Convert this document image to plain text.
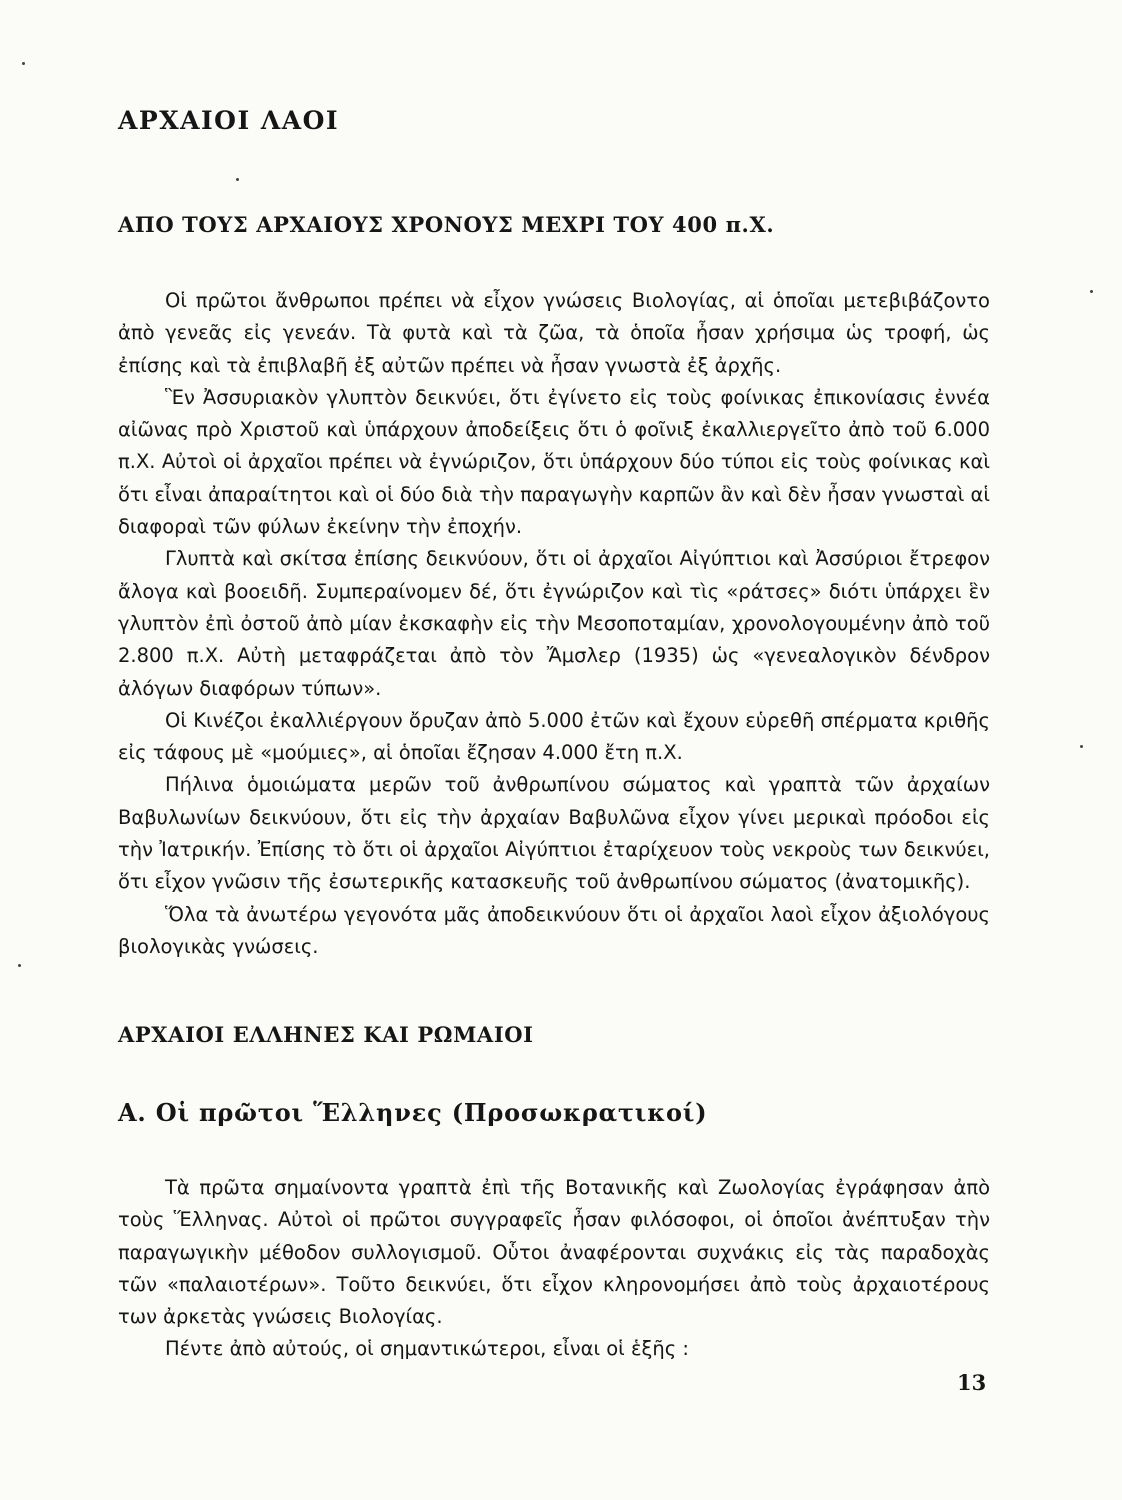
ΑΡΧΑΙΟΙ ΛΑΟΙ
ΑΠΟ ΤΟΥΣ ΑΡΧΑΙΟΥΣ ΧΡΟΝΟΥΣ ΜΕΧΡΙ ΤΟΥ 400 π.Χ.

Οἱ πρῶτοι ἄνθρωποι πρέπει νὰ εἶχον γνώσεις Βιολογίας, αἱ ὁποῖαι μετεβιβάζοντο ἀπὸ γενεᾶς εἰς γενεάν. Τὰ φυτὰ καὶ τὰ ζῶα, τὰ ὁποῖα ἦσαν χρήσιμα ὡς τροφή, ὡς ἐπίσης καὶ τὰ ἐπιβλαβῆ ἐξ αὐτῶν πρέπει νὰ ἦσαν γνωστὰ ἐξ ἀρχῆς.

Ἓν Ἀσσυριακὸν γλυπτὸν δεικνύει, ὅτι ἐγίνετο εἰς τοὺς φοίνικας ἐπικονίασις ἐννέα αἰῶνας πρὸ Χριστοῦ καὶ ὑπάρχουν ἀποδείξεις ὅτι ὁ φοῖνιξ ἐκαλλιεργεῖτο ἀπὸ τοῦ 6.000 π.Χ. Αὐτοὶ οἱ ἀρχαῖοι πρέπει νὰ ἐγνώριζον, ὅτι ὑπάρχουν δύο τύποι εἰς τοὺς φοίνικας καὶ ὅτι εἶναι ἀπαραίτητοι καὶ οἱ δύο διὰ τὴν παραγωγὴν καρπῶν ἂν καὶ δὲν ἦσαν γνωσταὶ αἱ διαφοραὶ τῶν φύλων ἐκείνην τὴν ἐποχήν.

Γλυπτὰ καὶ σκίτσα ἐπίσης δεικνύουν, ὅτι οἱ ἀρχαῖοι Αἰγύπτιοι καὶ Ἀσσύριοι ἔτρεφον ἄλογα καὶ βοοειδῆ. Συμπεραίνομεν δέ, ὅτι ἐγνώριζον καὶ τὶς «ράτσες» διότι ὑπάρχει ἓν γλυπτὸν ἐπὶ ὀστοῦ ἀπὸ μίαν ἐκσκαφὴν εἰς τὴν Μεσοποταμίαν, χρονολογουμένην ἀπὸ τοῦ 2.800 π.Χ. Αὐτὴ μεταφράζεται ἀπὸ τὸν Ἄμσλερ (1935) ὡς «γενεαλογικὸν δένδρον ἀλόγων διαφόρων τύπων».

Οἱ Κινέζοι ἐκαλλιέργουν ὄρυζαν ἀπὸ 5.000 ἐτῶν καὶ ἔχουν εὑρεθῆ σπέρματα κριθῆς εἰς τάφους μὲ «μούμιες», αἱ ὁποῖαι ἔζησαν 4.000 ἔτη π.Χ.

Πήλινα ὁμοιώματα μερῶν τοῦ ἀνθρωπίνου σώματος καὶ γραπτὰ τῶν ἀρχαίων Βαβυλωνίων δεικνύουν, ὅτι εἰς τὴν ἀρχαίαν Βαβυλῶνα εἶχον γίνει μερικαὶ πρόοδοι εἰς τὴν Ἰατρικήν. Ἐπίσης τὸ ὅτι οἱ ἀρχαῖοι Αἰγύπτιοι ἐταρίχευον τοὺς νεκροὺς των δεικνύει, ὅτι εἶχον γνῶσιν τῆς ἐσωτερικῆς κατασκευῆς τοῦ ἀνθρωπίνου σώματος (ἀνατομικῆς).

Ὅλα τὰ ἀνωτέρω γεγονότα μᾶς ἀποδεικνύουν ὅτι οἱ ἀρχαῖοι λαοὶ εἶχον ἀξιολόγους βιολογικὰς γνώσεις.

ΑΡΧΑΙΟΙ ΕΛΛΗΝΕΣ ΚΑΙ ΡΩΜΑΙΟΙ
Α. Οἱ πρῶτοι Ἕλληνες (Προσωκρατικοί)

Τὰ πρῶτα σημαίνοντα γραπτὰ ἐπὶ τῆς Βοτανικῆς καὶ Ζωολογίας ἐγράφησαν ἀπὸ τοὺς Ἕλληνας. Αὐτοὶ οἱ πρῶτοι συγγραφεῖς ἦσαν φιλόσοφοι, οἱ ὁποῖοι ἀνέπτυξαν τὴν παραγωγικὴν μέθοδον συλλογισμοῦ. Οὗτοι ἀναφέρονται συχνάκις εἰς τὰς παραδοχὰς τῶν «παλαιοτέρων». Τοῦτο δεικνύει, ὅτι εἶχον κληρονομήσει ἀπὸ τοὺς ἀρχαιοτέρους των ἀρκετὰς γνώσεις Βιολογίας.

Πέντε ἀπὸ αὐτούς, οἱ σημαντικώτεροι, εἶναι οἱ ἑξῆς :

13
